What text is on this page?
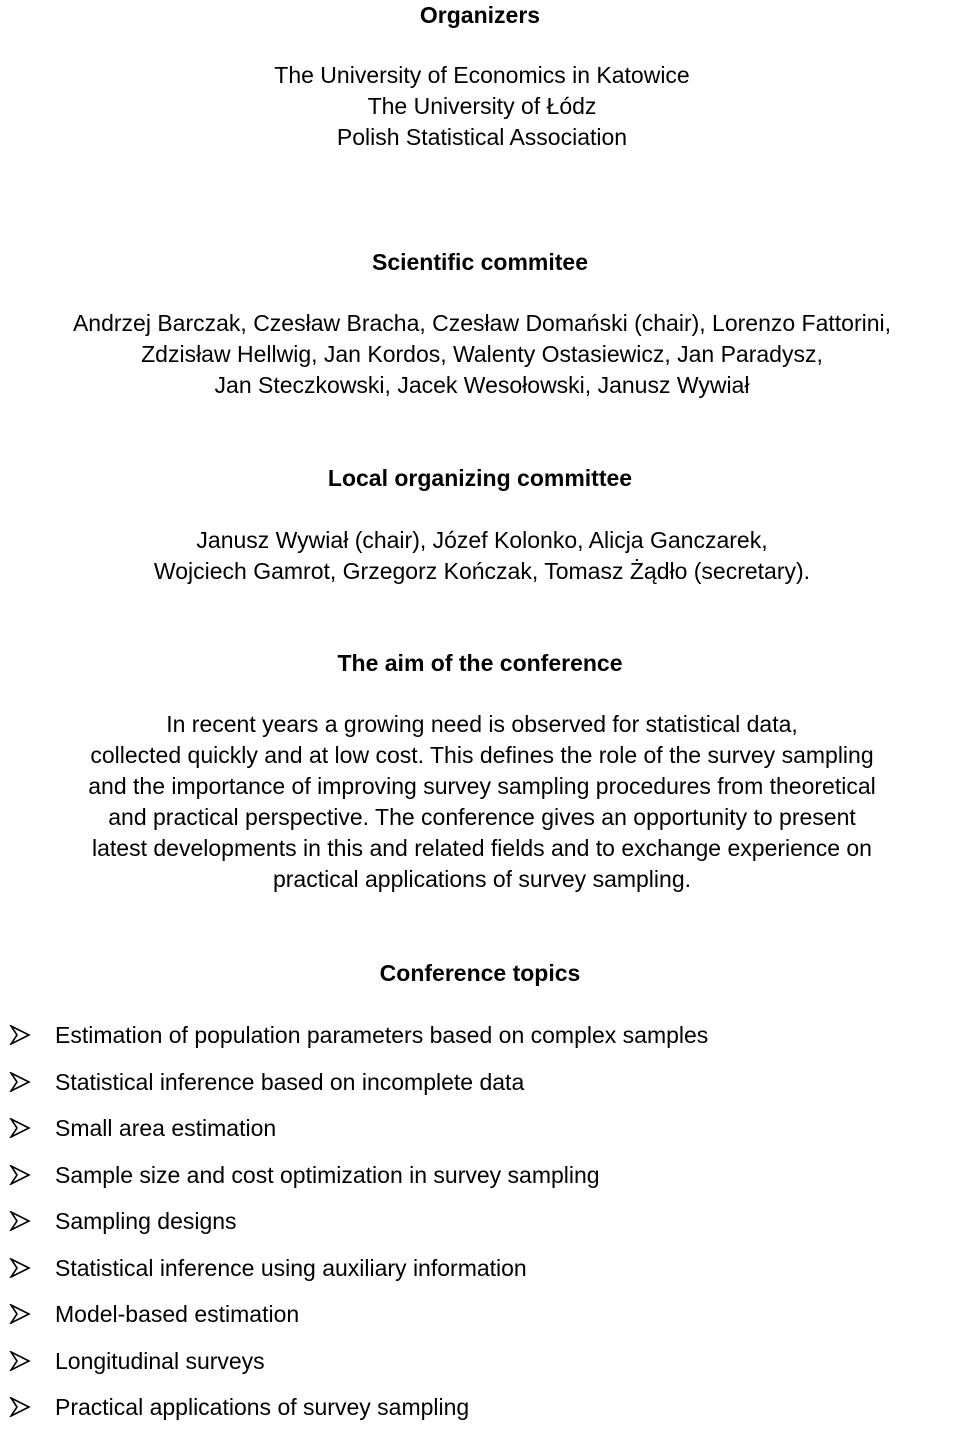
Organizers
The University of Economics in Katowice
The University of Łódz
Polish Statistical Association
Scientific commitee
Andrzej Barczak, Czesław Bracha, Czesław Domański (chair), Lorenzo Fattorini,
Zdzisław Hellwig, Jan Kordos, Walenty Ostasiewicz, Jan Paradysz,
Jan Steczkowski, Jacek Wesołowski, Janusz Wywiał
Local organizing committee
Janusz Wywiał (chair), Józef Kolonko, Alicja Ganczarek,
Wojciech Gamrot, Grzegorz Kończak, Tomasz Żądło (secretary).
The aim of the conference
In recent years a growing need is observed for statistical data,
collected quickly and at low cost. This defines the role of the survey sampling
and the importance of improving survey sampling procedures from theoretical
and practical perspective. The conference gives an opportunity to present
latest developments in this and related fields and to exchange experience on
practical applications of survey sampling.
Conference topics
Estimation of population parameters based on complex samples
Statistical inference based on incomplete data
Small area estimation
Sample size and cost optimization in survey sampling
Sampling designs
Statistical inference using auxiliary information
Model-based estimation
Longitudinal surveys
Practical applications of survey sampling
